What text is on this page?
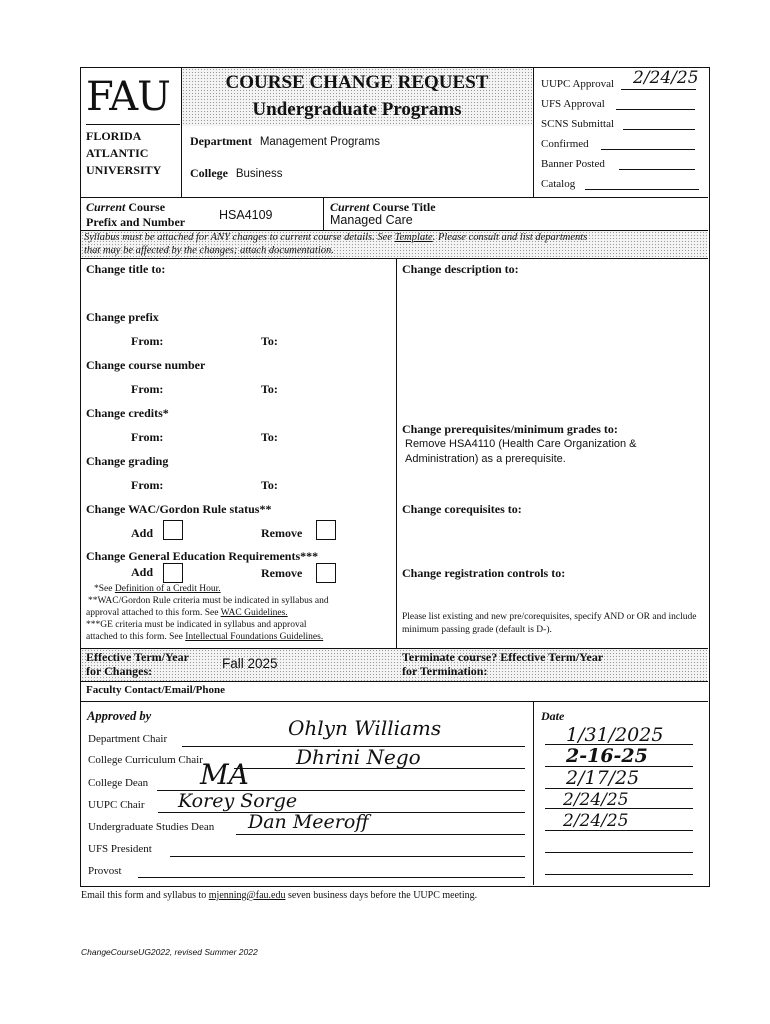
FAU
FLORIDA
ATLANTIC
UNIVERSITY
COURSE CHANGE REQUEST
Undergraduate Programs
Department Management Programs
College Business
UUPC Approval 2/24/25
UFS Approval
SCNS Submittal
Confirmed
Banner Posted
Catalog
Current Course
Prefix and Number	HSA4109
Current Course Title
Managed Care
Syllabus must be attached for ANY changes to current course details. See Template. Please consult and list departments
that may be affected by the changes; attach documentation.
Change title to:
Change prefix
From:	To:
Change course number
From:	To:
Change credits*
From:	To:
Change grading
From:	To:
Change WAC/Gordon Rule status**
Add	Remove
Change General Education Requirements***
Add	Remove
*See Definition of a Credit Hour.
**WAC/Gordon Rule criteria must be indicated in syllabus and
approval attached to this form. See WAC Guidelines.
***GE criteria must be indicated in syllabus and approval
attached to this form. See Intellectual Foundations Guidelines.
Change description to:
Change prerequisites/minimum grades to:
Remove HSA4110 (Health Care Organization & Administration) as a prerequisite.
Change corequisites to:
Change registration controls to:
Please list existing and new pre/corequisites, specify AND or OR and include minimum passing grade (default is D-).
Effective Term/Year
for Changes:	Fall 2025	Terminate course? Effective Term/Year
for Termination:
Faculty Contact/Email/Phone
Approved by	Date
Department Chair	Ohlyn Williams	1/31/2025
College Curriculum Chair	Dhrini Nego	2-16-25
College Dean MA	2/17/25
UUPC Chair Korey Sorge	2/24/25
Undergraduate Studies Dean Dan Meeroff	2/24/25
UFS President
Provost
Email this form and syllabus to mjenning@fau.edu seven business days before the UUPC meeting.
ChangeCourseUG2022, revised Summer 2022
